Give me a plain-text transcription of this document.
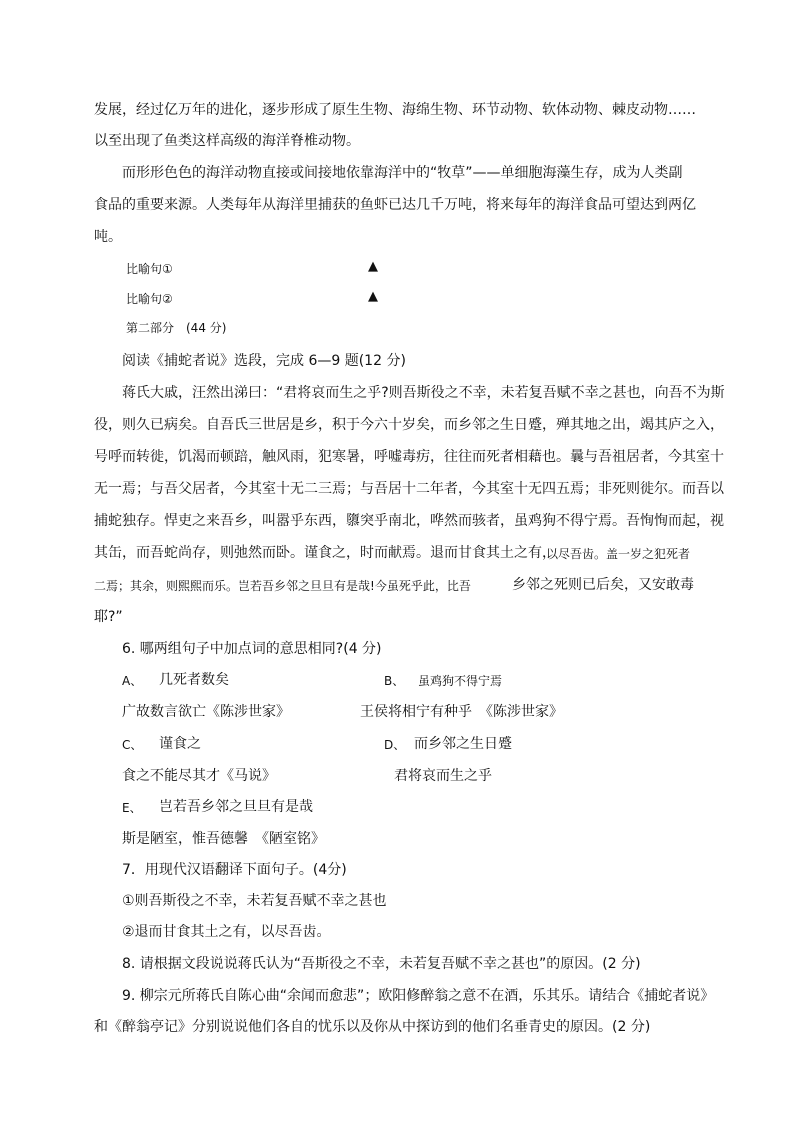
发展，经过亿万年的进化，逐步形成了原生生物、海绵生物、环节动物、软体动物、棘皮动物……
以至出现了鱼类这样高级的海洋脊椎动物。
而形形色色的海洋动物直接或间接地依靠海洋中的“牧草”——单细胞海藻生存，成为人类副
食品的重要来源。人类每年从海洋里捕获的鱼虾已达几千万吨，将来每年的海洋食品可望达到两亿
吨。
比喻句①	▲
比喻句②	▲
第二部分　(44 分)
阅读《捕蛇者说》选段，完成 6—9 题(12 分)
蒋氏大戚，汪然出涕曰：“君将哀而生之乎?则吾斯役之不幸，未若复吾赋不幸之甚也，向吾不为斯
役，则久已病矣。自吾氏三世居是乡，积于今六十岁矣，而乡邻之生日蹙，殚其地之出，竭其庐之入，
号呼而转徙，饥渴而顿踣，触风雨，犯寒暑，呼嘘毒疠，往往而死者相藉也。曩与吾祖居者，今其室十
无一焉；与吾父居者，今其室十无二三焉；与吾居十二年者，今其室十无四五焉；非死则徙尔。而吾以
捕蛇独存。悍吏之来吾乡，叫嚣乎东西，隳突乎南北，哗然而骇者，虽鸡狗不得宁焉。吾恂恂而起，视
其缶，而吾蛇尚存，则弛然而卧。谨食之，时而献焉。退而甘食其土之有，
以尽吾齿。盖一岁之犯死者
二焉；其余，则熙熙而乐。岂若吾乡邻之旦旦有是哉!今虽死乎此，比吾	乡邻之死则已后矣，又安敢毒
耶?”
6. 哪两组句子中加点词的意思相同?(4 分)
A、 几死者数矣	B、 虽鸡狗不得宁焉
广故数言欲亡《陈涉世家》	王侯将相宁有种乎　《陈涉世家》
C、 谨食之	D、 而乡邻之生日蹙
食之不能尽其才《马说》	君将哀而生之乎
E、 岂若吾乡邻之旦旦有是哉
斯是陋室，惟吾德馨　《陋室铭》
7．用现代汉语翻译下面句子。(4分)
①则吾斯役之不幸，未若复吾赋不幸之甚也
②退而甘食其土之有，以尽吾齿。
8. 请根据文段说说蒋氏认为“吾斯役之不幸，未若复吾赋不幸之甚也”的原因。(2 分)
9. 柳宗元所蒋氏自陈心曲“余闻而愈悲”；欧阳修醉翁之意不在酒，乐其乐。请结合《捕蛇者说》
和《醉翁亭记》分别说说他们各自的忧乐以及你从中探访到的他们名垂青史的原因。(2 分)
